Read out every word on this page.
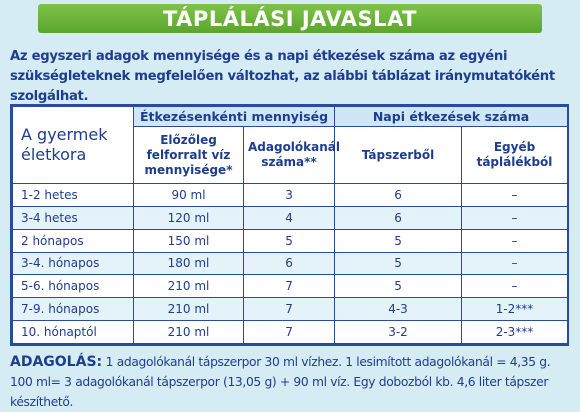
TÁPLÁLÁSI JAVASLAT
Az egyszeri adagok mennyisége és a napi étkezések száma az egyéni szükségleteknek megfelelően változhat, az alábbi táblázat iránymutatóként szolgálhat.
A gyermek életkora	Étkezésenkénti mennyiség		Napi étkezések száma	
	Előzőleg felforralt víz mennyisége*	Adagolókanál száma**	Tápszerből	Egyéb táplálékból
1-2 hetes	90 ml	3	6	–
3-4 hetes	120 ml	4	6	–
2 hónapos	150 ml	5	5	–
3-4. hónapos	180 ml	6	5	–
5-6. hónapos	210 ml	7	5	–
7-9. hónapos	210 ml	7	4-3	1-2***
10. hónaptól	210 ml	7	3-2	2-3***
ADAGOLÁS: 1 adagolókanál tápszerpor 30 ml vízhez. 1 lesimított adagolókanál = 4,35 g.
100 ml= 3 adagolókanál tápszerpor (13,05 g) + 90 ml víz. Egy dobozból kb. 4,6 liter tápszer készíthető.
